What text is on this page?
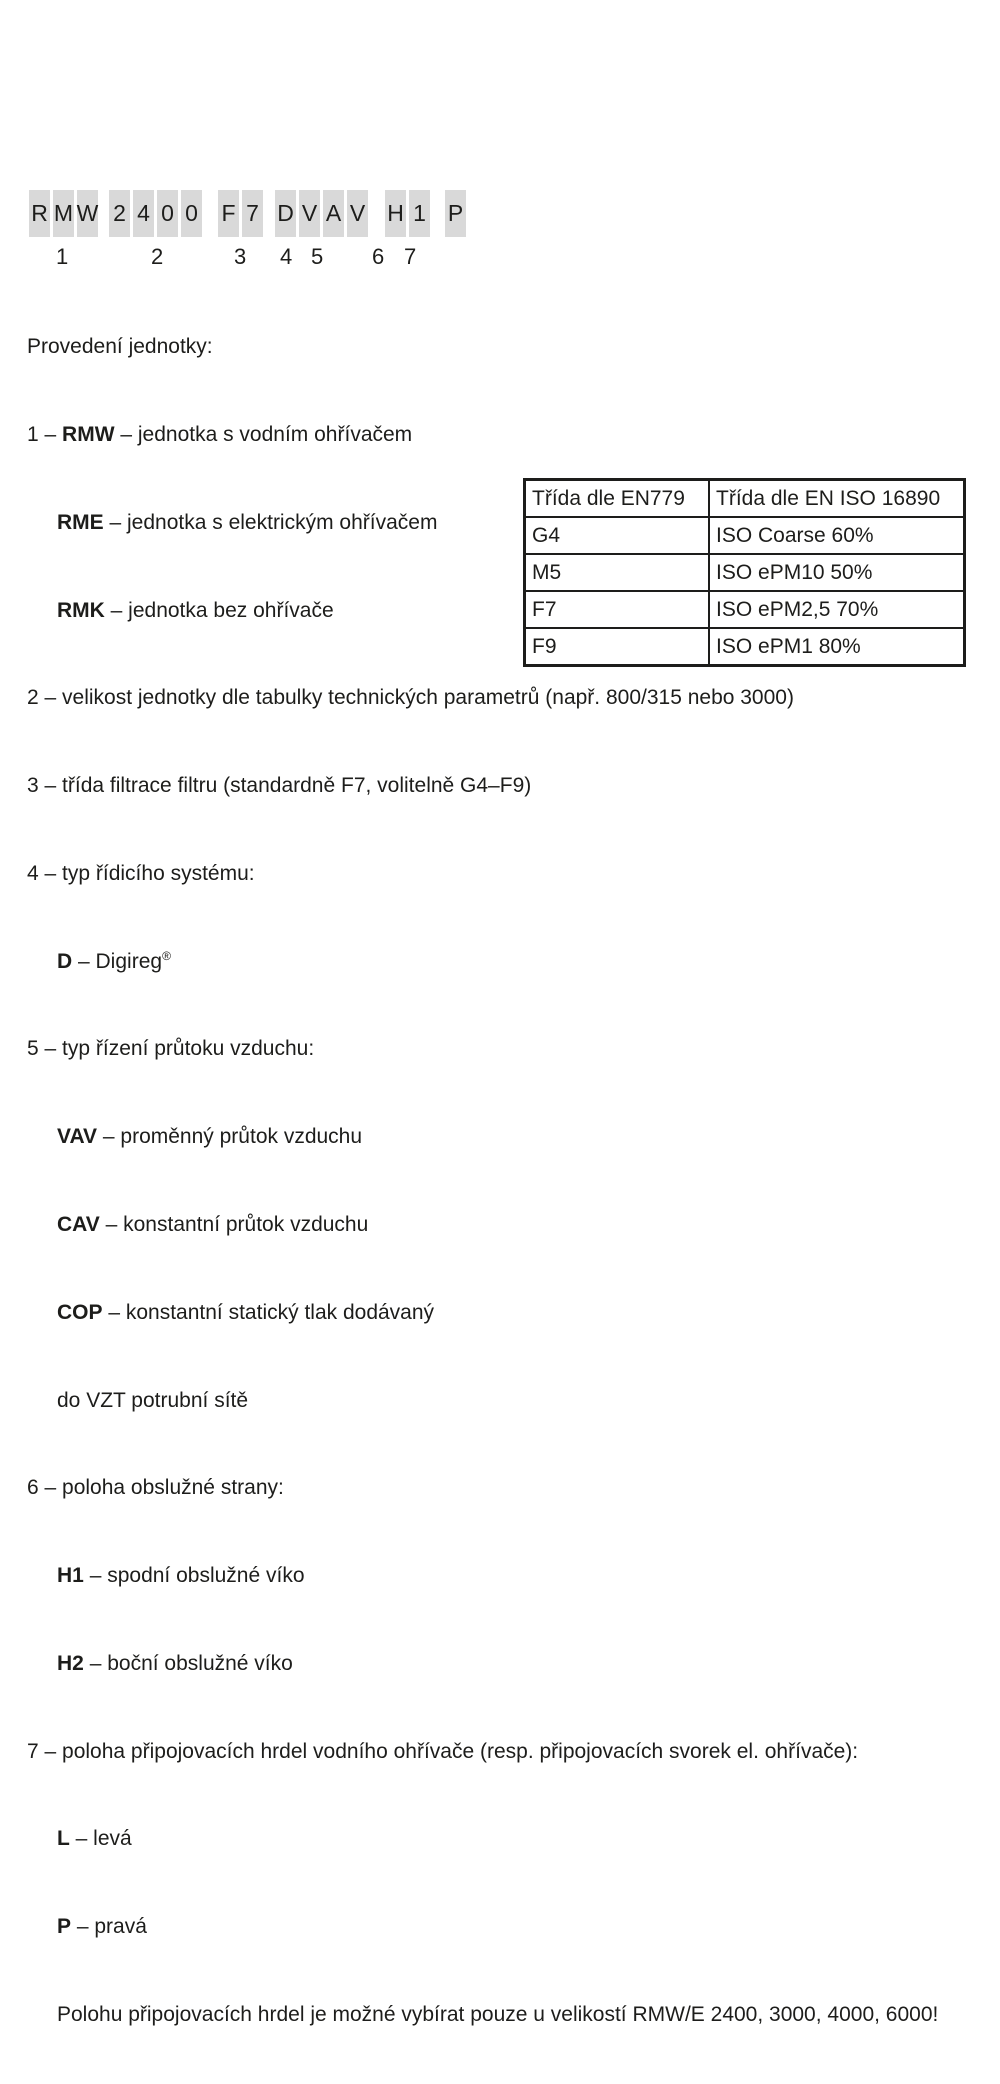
R M W 2 4 0 0 F 7 D V A V H 1 P
1	2	3 4 5 6 7

Provedení jednotky:

1 – RMW – jednotka s vodním ohřívačem

RME – jednotka s elektrickým ohřívačem

RMK – jednotka bez ohřívače

2 – velikost jednotky dle tabulky technických parametrů (např. 800/315 nebo 3000)

3 – třída filtrace filtru (standardně F7, volitelně G4–F9)

4 – typ řídicího systému:

D – Digireg®

5 – typ řízení průtoku vzduchu:

VAV – proměnný průtok vzduchu

CAV – konstantní průtok vzduchu

COP – konstantní statický tlak dodávaný

do VZT potrubní sítě

6 – poloha obslužné strany:

H1 – spodní obslužné víko

H2 – boční obslužné víko

7 – poloha připojovacích hrdel vodního ohřívače (resp. připojovacích svorek el. ohřívače):

L – levá

P – pravá

Polohu připojovacích hrdel je možné vybírat pouze u velikostí RMW/E 2400, 3000, 4000, 6000!

Třída dle EN779	Třída dle EN ISO 16890
G4	ISO Coarse 60%
M5	ISO ePM10 50%
F7	ISO ePM2,5 70%
F9	ISO ePM1 80%
